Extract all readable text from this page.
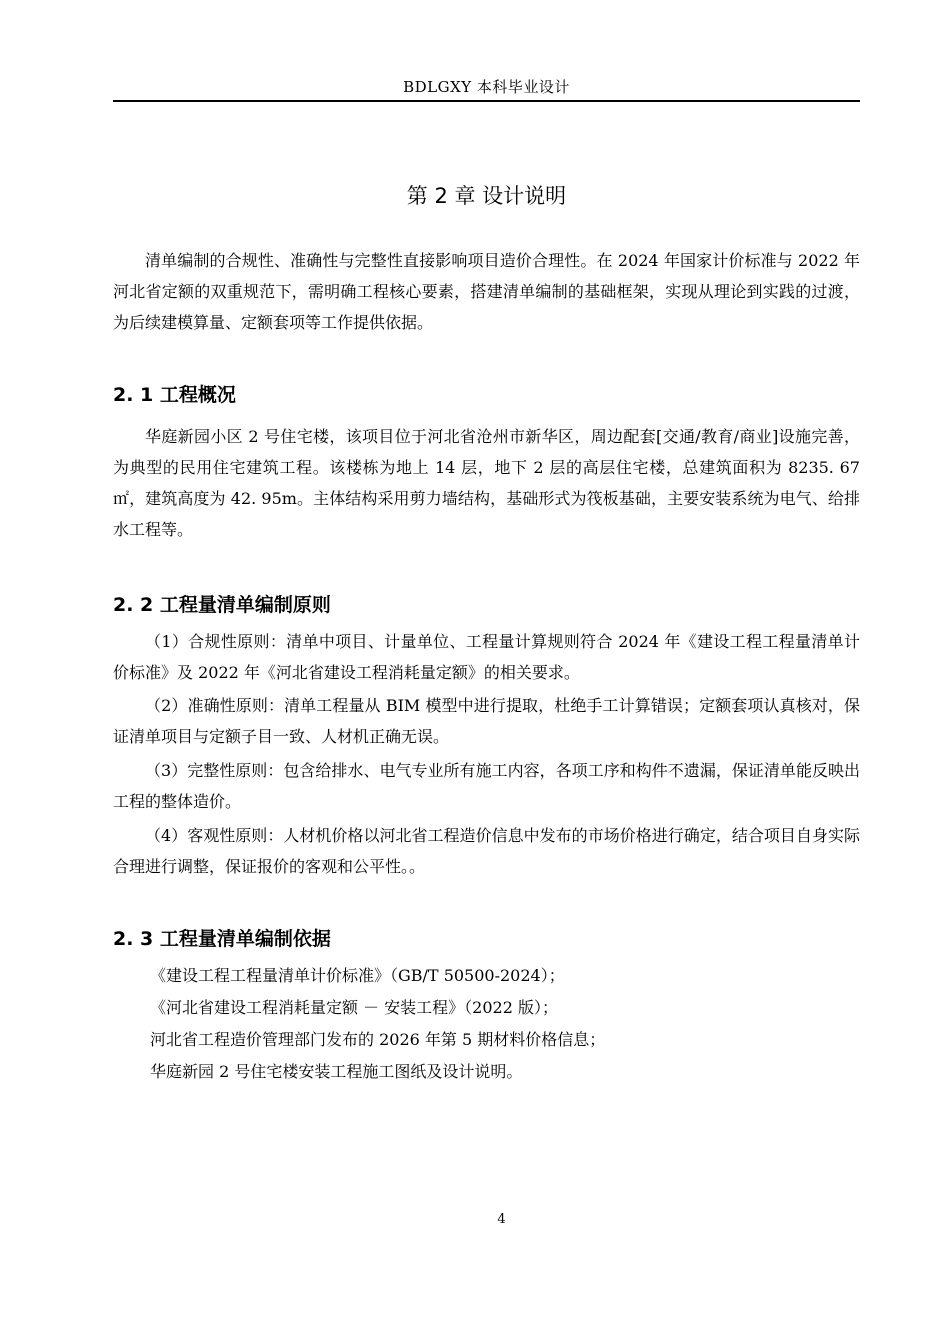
BDLGXY 本科毕业设计
第 2 章 设计说明

清单编制的合规性、准确性与完整性直接影响项目造价合理性。在 2024 年国家计价标准与 2022 年河北省定额的双重规范下，需明确工程核心要素，搭建清单编制的基础框架，实现从理论到实践的过渡，为后续建模算量、定额套项等工作提供依据。

2. 1 工程概况

华庭新园小区 2 号住宅楼，该项目位于河北省沧州市新华区，周边配套[交通/教育/商业]设施完善，为典型的民用住宅建筑工程。该楼栋为地上 14 层，地下 2 层的高层住宅楼，总建筑面积为 8235. 67㎡，建筑高度为 42. 95m。主体结构采用剪力墙结构，基础形式为筏板基础，主要安装系统为电气、给排水工程等。

2. 2 工程量清单编制原则

（1）合规性原则：清单中项目、计量单位、工程量计算规则符合 2024 年《建设工程工程量清单计价标准》及 2022 年《河北省建设工程消耗量定额》的相关要求。

（2）准确性原则：清单工程量从 BIM 模型中进行提取，杜绝手工计算错误；定额套项认真核对，保证清单项目与定额子目一致、人材机正确无误。

（3）完整性原则：包含给排水、电气专业所有施工内容，各项工序和构件不遗漏，保证清单能反映出工程的整体造价。

（4）客观性原则：人材机价格以河北省工程造价信息中发布的市场价格进行确定，结合项目自身实际合理进行调整，保证报价的客观和公平性。。

2. 3 工程量清单编制依据

《建设工程工程量清单计价标准》（GB/T 50500-2024）；

《河北省建设工程消耗量定额 － 安装工程》（2022 版）；

河北省工程造价管理部门发布的 2026 年第 5 期材料价格信息；

华庭新园 2 号住宅楼安装工程施工图纸及设计说明。

4
